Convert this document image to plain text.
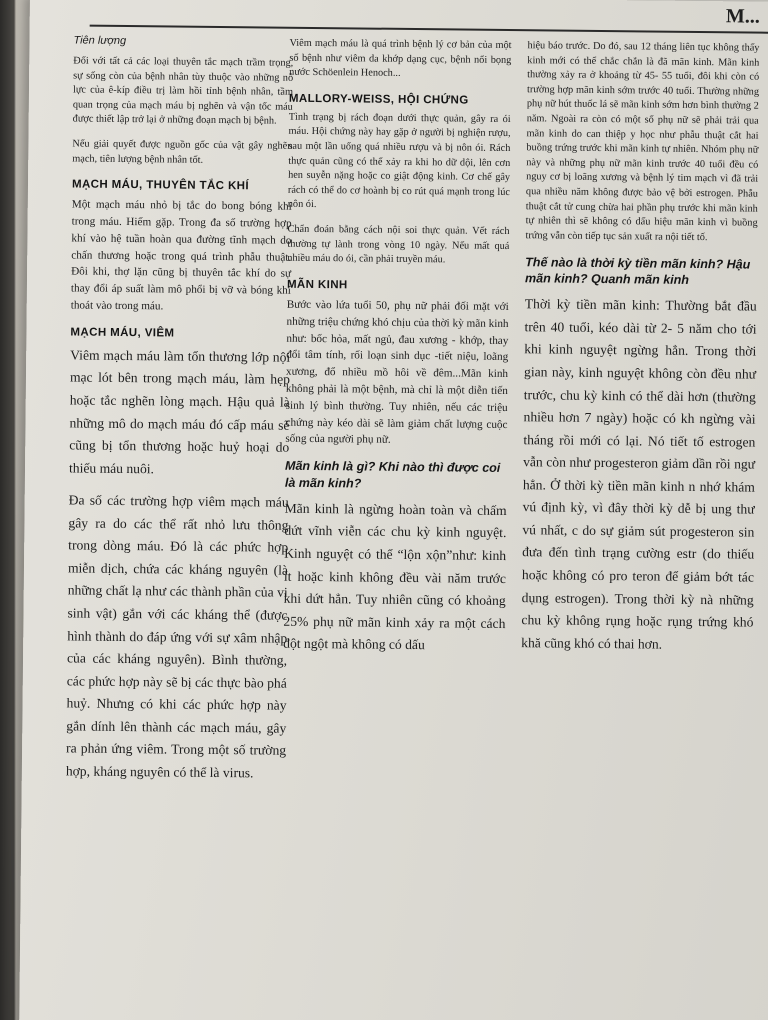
M...
Tiên lượng

Đối với tất cả các loại thuyên tắc mạch trầm trọng, sự sống còn của bệnh nhân tùy thuộc vào những nỗ lực của ê-kíp điều trị làm hồi tỉnh bệnh nhân, tầm quan trọng của mạch máu bị nghẽn và vận tốc máu được thiết lập trở lại ở những đoạn mạch bị bệnh.

Nếu giải quyết được nguồn gốc của vật gây nghẽn mạch, tiên lượng bệnh nhân tốt.

MẠCH MÁU, THUYÊN TẮC KHÍ

Một mạch máu nhỏ bị tắc do bong bóng khí trong máu. Hiếm gặp. Trong đa số trường hợp khí vào hệ tuần hoàn qua đường tĩnh mạch do chấn thương hoặc trong quá trình phẫu thuật. Đôi khi, thợ lặn cũng bị thuyên tắc khí do sự thay đổi áp suất làm mô phổi bị vỡ và bóng khí thoát vào trong máu.

MẠCH MÁU, VIÊM

Viêm mạch máu làm tổn thương lớp nội mạc lót bên trong mạch máu, làm hẹp hoặc tắc nghẽn lòng mạch. Hậu quả là những mô do mạch máu đó cấp máu sẽ cũng bị tổn thương hoặc huỷ hoại do thiếu máu nuôi.

Đa số các trường hợp viêm mạch máu gây ra do các thể rất nhỏ lưu thông trong dòng máu. Đó là các phức hợp miễn dịch, chứa các kháng nguyên (là những chất lạ như các thành phần của vi sinh vật) gắn với các kháng thể (được hình thành do đáp ứng với sự xâm nhập của các kháng nguyên). Bình thường, các phức hợp này sẽ bị các thực bào phá huỷ. Nhưng có khi các phức hợp này gắn dính lên thành các mạch máu, gây ra phản ứng viêm. Trong một số trường hợp, kháng nguyên có thể là virus.

Viêm mạch máu là quá trình bệnh lý cơ bản của một số bệnh như viêm da khớp dạng cục, bệnh nổi bọng nước Schöenlein Henoch...

MALLORY-WEISS, HỘI CHỨNG

Tình trạng bị rách đoạn dưới thực quản, gây ra ói máu. Hội chứng này hay gặp ở người bị nghiện rượu, sau một lần uống quá nhiều rượu và bị nôn ói. Rách thực quản cũng có thể xảy ra khi ho dữ dội, lên cơn hen suyễn nặng hoặc co giật động kinh. Cơ chế gây rách có thể do cơ hoành bị co rút quá mạnh trong lúc nôn ói.

Chẩn đoán bằng cách nội soi thực quản. Vết rách thường tự lành trong vòng 10 ngày. Nếu mất quá nhiều máu do ói, cần phải truyền máu.

MÃN KINH

Bước vào lứa tuổi 50, phụ nữ phải đối mặt với những triệu chứng khó chịu của thời kỳ mãn kinh như: bốc hỏa, mất ngủ, đau xương - khớp, thay đổi tâm tính, rối loạn sinh dục -tiết niệu, loãng xương, đổ nhiều mồ hôi về đêm...Mãn kinh không phải là một bệnh, mà chỉ là một diễn tiến sinh lý bình thường. Tuy nhiên, nếu các triệu chứng này kéo dài sẽ làm giảm chất lượng cuộc sống của người phụ nữ.

Mãn kinh là gì? Khi nào thì được coi là mãn kinh?

Mãn kinh là ngừng hoàn toàn và chấm dứt vĩnh viễn các chu kỳ kinh nguyệt. Kinh nguyệt có thể “lộn xộn”như: kinh ít hoặc kinh không đều vài năm trước khi dứt hẳn. Tuy nhiên cũng có khoảng 25% phụ nữ mãn kinh xảy ra một cách đột ngột mà không có dấu

hiệu báo trước. Do đó, sau 12 tháng liên tục không thấy kinh mới có thể chắc chắn là đã mãn kinh. Mãn kinh thường xảy ra ở khoảng từ 45- 55 tuổi, đôi khi còn có trường hợp mãn kinh sớm trước 40 tuổi. Thường những phụ nữ hút thuốc lá sẽ mãn kinh sớm hơn bình thường 2 năm. Ngoài ra còn có một số phụ nữ sẽ phải trải qua mãn kinh do can thiệp y học như phẫu thuật cắt hai buồng trứng trước khi mãn kinh tự nhiên. Nhóm phụ nữ này và những phụ nữ mãn kinh trước 40 tuổi đều có nguy cơ bị loãng xương và bệnh lý tim mạch vì đã trải qua nhiều năm không được bảo vệ bởi estrogen. Phẫu thuật cắt tử cung chừa hai phần phụ trước khi mãn kinh tự nhiên thì sẽ không có dấu hiệu mãn kinh vì buồng trứng vẫn còn tiếp tục sản xuất ra nội tiết tố.

Thế nào là thời kỳ tiền mãn kinh? Hậu mãn kinh? Quanh mãn kinh

Thời kỳ tiền mãn kinh: Thường bắt đầu trên 40 tuổi, kéo dài từ 2- 5 năm cho tới khi kinh nguyệt ngừng hẳn. Trong thời gian này, kinh nguyệt không còn đều như trước, chu kỳ kinh có thể dài hơn (thường nhiều hơn 7 ngày) hoặc có kh ngừng vài tháng rồi mới có lại. Nó tiết tố estrogen vẫn còn như progesteron giảm dần rồi ngư hẳn. Ở thời kỳ tiền mãn kinh n nhớ khám vú định kỳ, vì đây thời kỳ dễ bị ung thư vú nhất, c do sự giảm sút progesteron sin đưa đến tình trạng cường estr (do thiếu hoặc không có pro teron để giảm bớt tác dụng estrogen). Trong thời kỳ nà những chu kỳ không rụng hoặc rụng trứng khó khă cũng khó có thai hơn.
